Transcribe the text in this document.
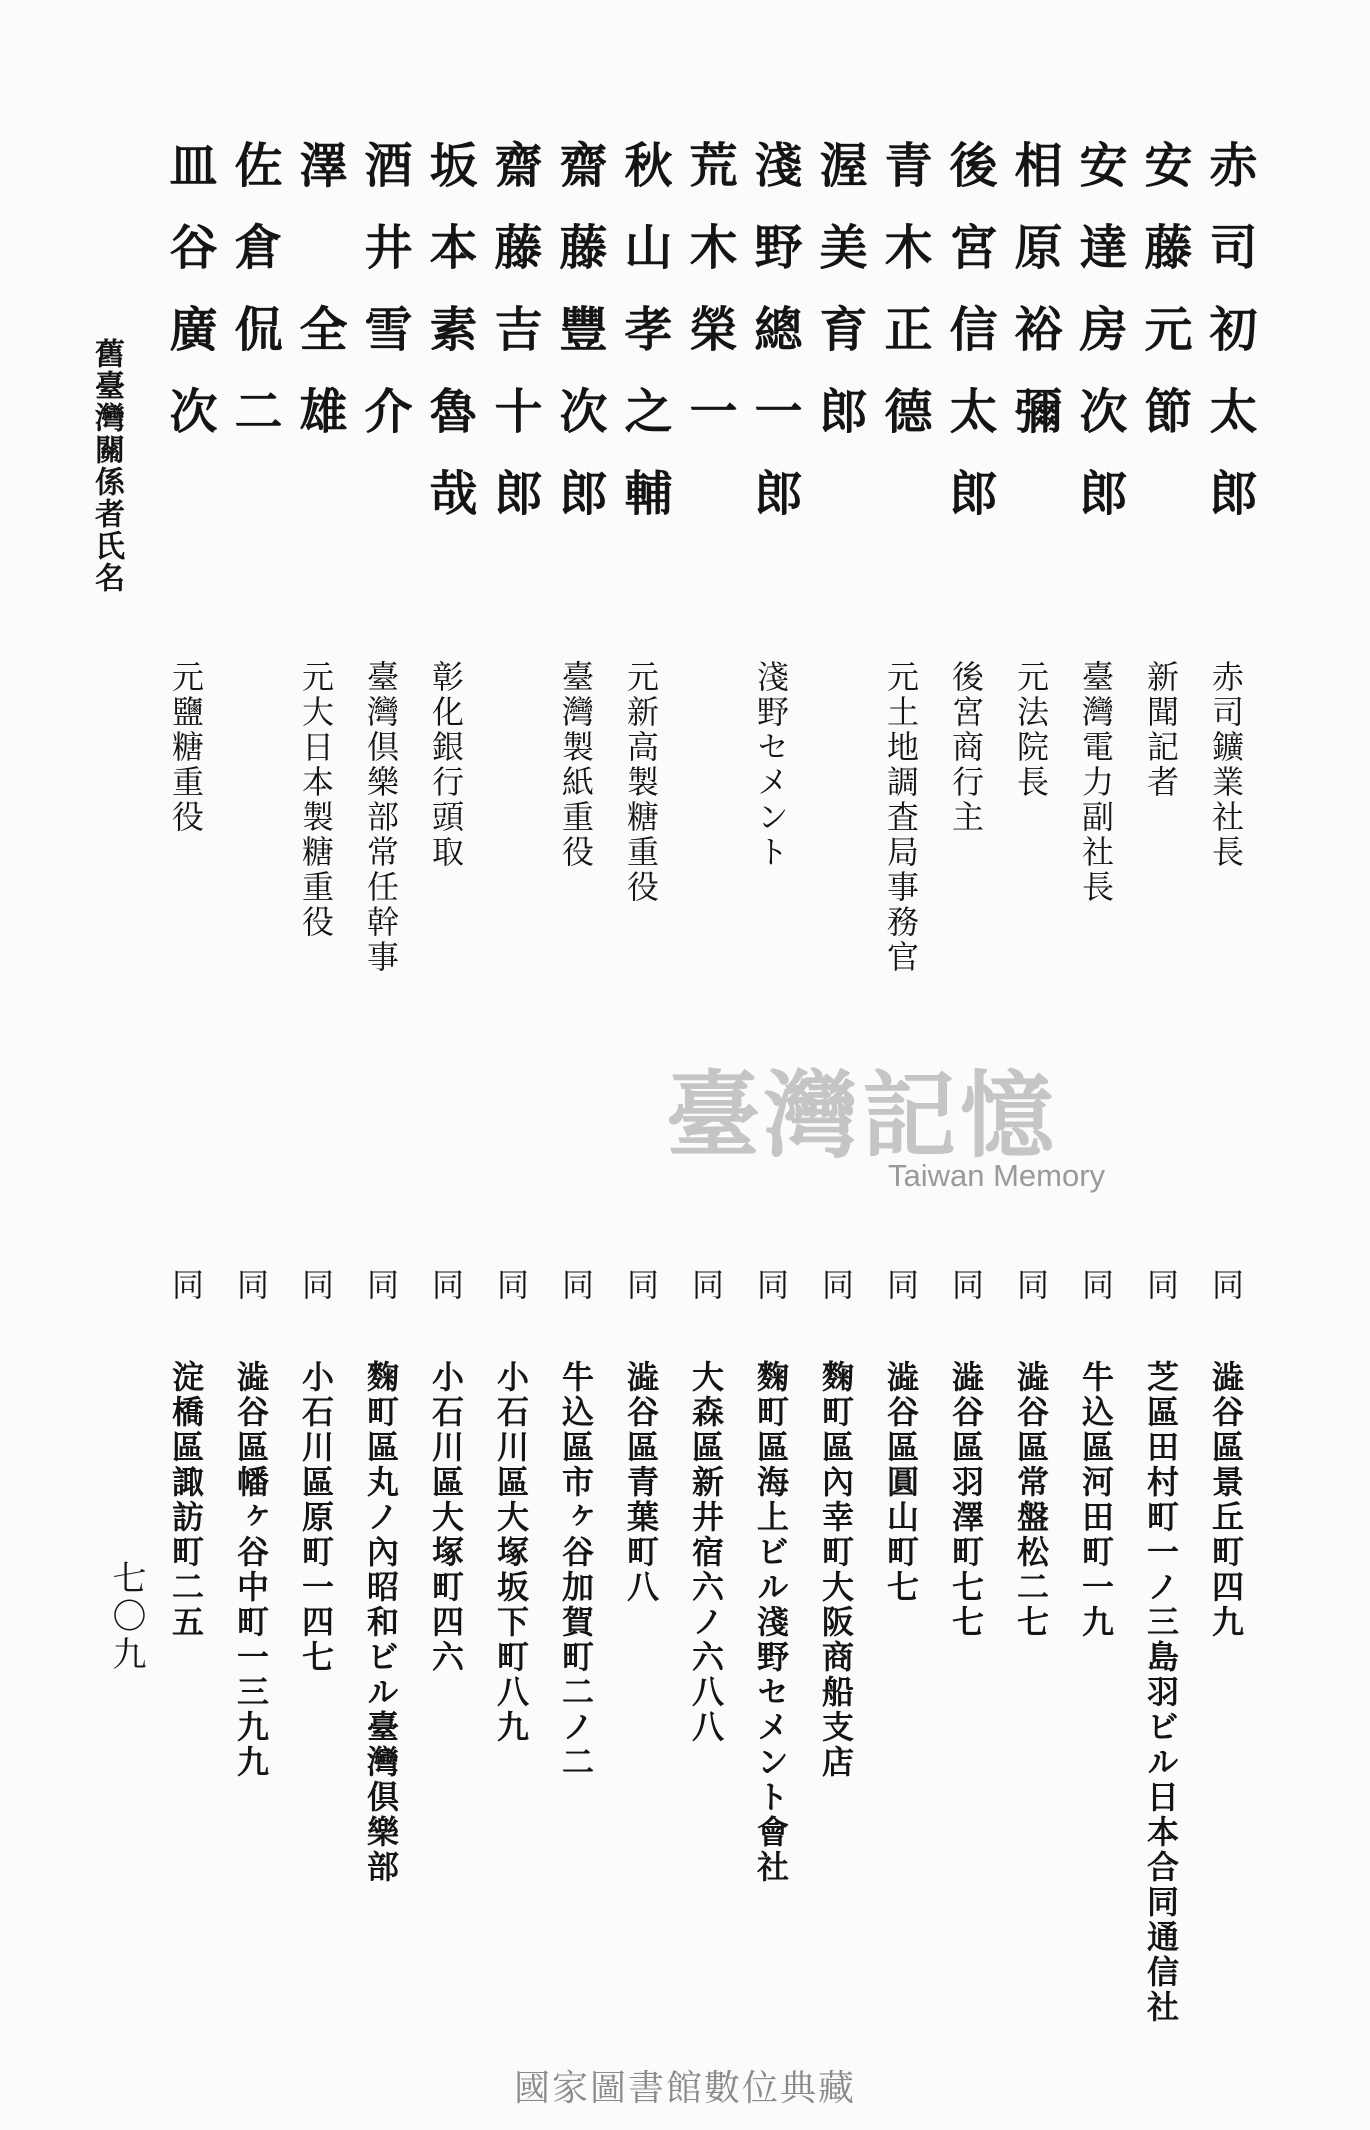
舊臺灣關係者氏名	赤司初太郎
赤司鑛業社長
同
澁谷區景丘町四九
安藤元節
新聞記者
同
芝區田村町一ノ三島羽ビル日本合同通信社
安達房次郎
臺灣電力副社長
同
牛込區河田町一九
相原裕彌
元法院長
同
澁谷區常盤松二七
後宮信太郎
後宮商行主
同
澁谷區羽澤町七七
青木正德
元土地調査局事務官
同
澁谷區圓山町七
渥美育郎
同
麴町區內幸町大阪商船支店
淺野總一郎
淺野セメント
同
麴町區海上ビル淺野セメント會社
荒木榮一
同
大森區新井宿六ノ六八八
秋山孝之輔
元新高製糖重役
同
澁谷區青葉町八
齋藤豐次郎
臺灣製紙重役
同
牛込區市ヶ谷加賀町二ノ二
齋藤吉十郎
同
小石川區大塚坂下町八九
坂本素魯哉
彰化銀行頭取
同
小石川區大塚町四六
酒井雪介
臺灣倶樂部常任幹事
同
麴町區丸ノ內昭和ビル臺灣倶樂部
澤　全雄
元大日本製糖重役
同
小石川區原町一四七
佐倉侃二
同
澁谷區幡ヶ谷中町一三九九
皿谷廣次
元鹽糖重役
同
淀橋區諏訪町二五
七〇九
臺灣記憶
Taiwan Memory
國家圖書館數位典藏
